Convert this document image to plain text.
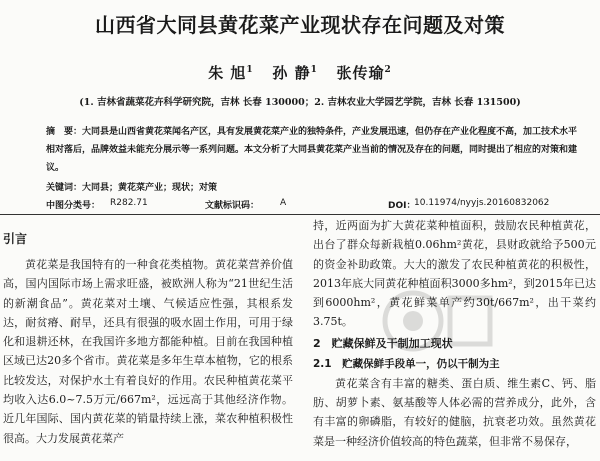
山西省大同县黄花菜产业现状存在问题及对策
朱 旭$^1$ 孙 静$^1$ 张传瑜$^2$
(1. 吉林省蔬菜花卉科学研究院，吉林 长春 130000；2. 吉林农业大学园艺学院，吉林 长春 131500)
摘　要：大同县是山西省黄花菜闻名产区，具有发展黄花菜产业的独特条件，产业发展迅速，但仍存在产业化程度不高，加工技术水平相对落后，品牌效益未能充分展示等一系列问题。本文分析了大同县黄花菜产业当前的情况及存在的问题，同时提出了相应的对策和建议。
关键词：大同县；黄花菜产业；现状；对策
中图分类号： R282.71	文献标识码： A	DOI：
10.11974/nyyjs.20160832062
引言

黄花菜是我国特有的一种食花类植物。黄花菜营养价值高，国内国际市场上需求旺盛，被欧洲人称为“21世纪生活的新潮食品”。黄花菜对土壤、气候适应性强，其根系发达，耐贫瘠、耐旱，还具有很强的吸水固土作用，可用于绿化和退耕还林，在我国许多地方都能种植。目前在我国种植区域已达20多个省市。黄花菜是多年生草本植物，它的根系比较发达，对保护水土有着良好的作用。农民种植黄花菜平均收入达6.0~7.5万元/667m²，远远高于其他经济作物。近几年国际、国内黄花菜的销量持续上涨，菜农种植积极性很高。大力发展黄花菜产

持，近两面为扩大黄花菜种植面积，鼓励农民种植黄花，出台了群众每新栽植0.06hm²黄花，县财政就给予500元的资金补助政策。大大的激发了农民种植黄花的积极性，2013年底大同黄花种植面积3000多hm²，到2015年已达到6000hm²，黄花鲜菜单产约30t/667m²，出干菜约3.75t。

2　贮藏保鲜及干制加工现状
2.1　贮藏保鲜手段单一，仍以干制为主

黄花菜含有丰富的糖类、蛋白质、维生素C、钙、脂肪、胡萝卜素、氨基酸等人体必需的营养成分，此外，含有丰富的卵磷脂，有较好的健脑，抗衰老功效。虽然黄花菜是一种经济价值较高的特色蔬菜，但非常不易保存，
